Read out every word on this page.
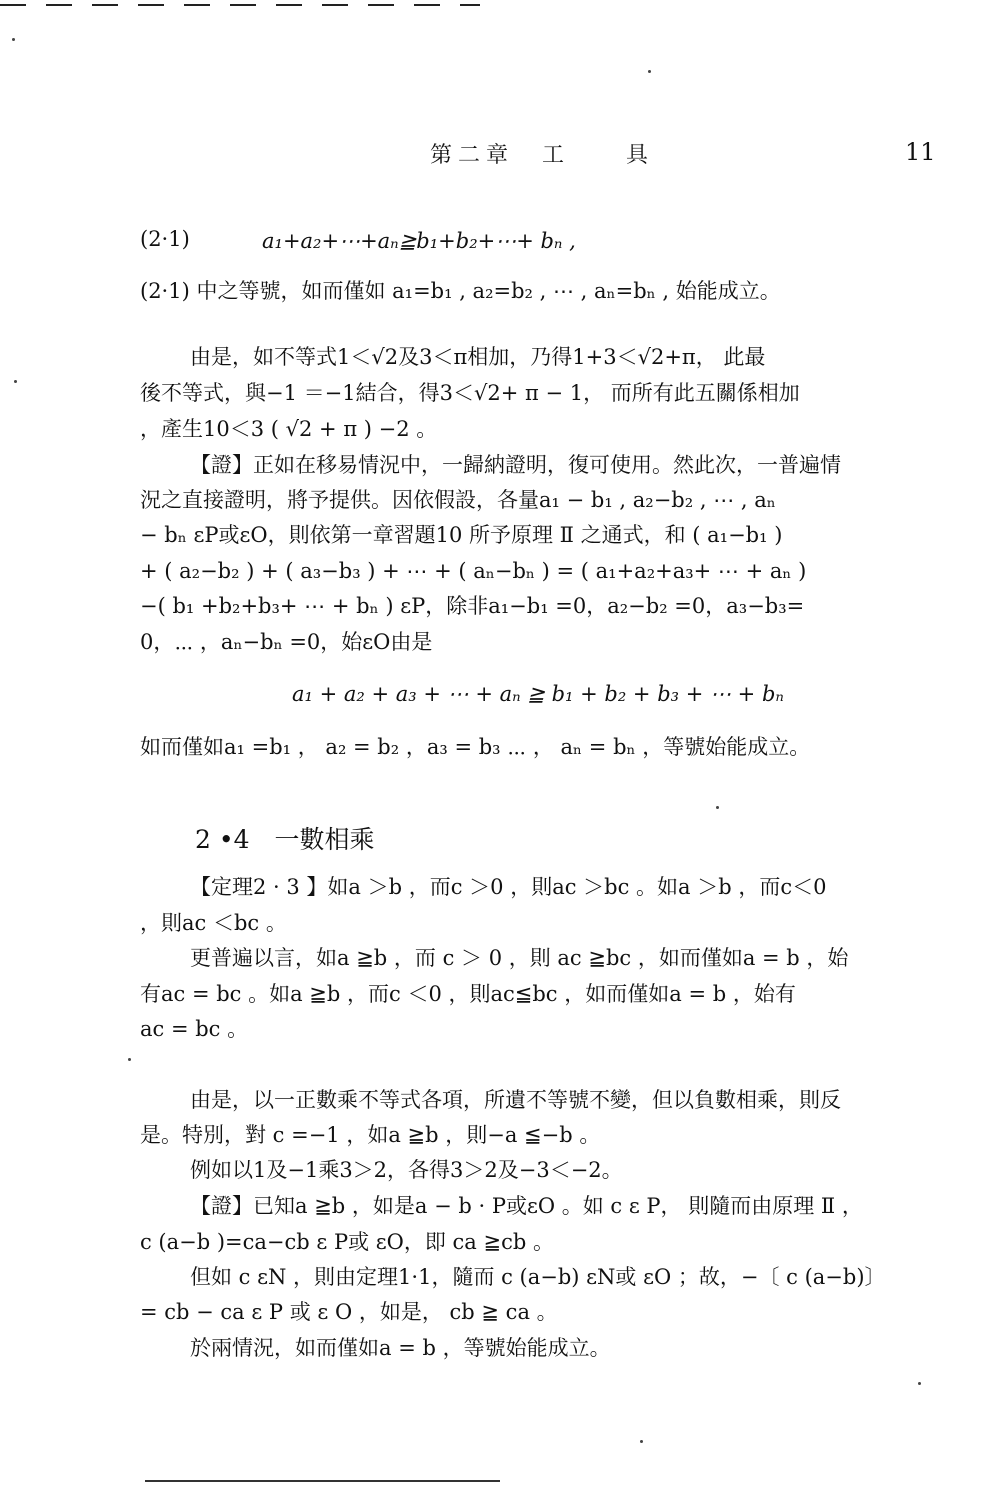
第二章　工　　具	11
(2·1)	a₁+a₂+⋯+aₙ≧b₁+b₂+⋯+ bₙ ,
(2·1) 中之等號，如而僅如 a₁=b₁ , a₂=b₂ , ⋯ , aₙ=bₙ , 始能成立。
由是，如不等式1＜√2及3＜π相加，乃得1+3＜√2+π， 此最
後不等式，與−1 ＝−1結合，得3＜√2+ π − 1， 而所有此五關係相加
，產生10＜3 ( √2 + π ) −2 。
【證】正如在移易情況中，一歸納證明，復可使用。然此次，一普遍情
況之直接證明，將予提供。因依假設，各量a₁ − b₁ , a₂−b₂ , ⋯ , aₙ
− bₙ εP或εO，則依第一章習題10 所予原理 Ⅱ 之通式，和 ( a₁−b₁ )
+ ( a₂−b₂ ) + ( a₃−b₃ ) + ⋯ + ( aₙ−bₙ ) = ( a₁+a₂+a₃+ ⋯ + aₙ )
−( b₁ +b₂+b₃+ ⋯ + bₙ ) εP，除非a₁−b₁ =0，a₂−b₂ =0，a₃−b₃=
0，⋯ ，aₙ−bₙ =0，始εO由是
a₁ + a₂ + a₃ + ⋯ + aₙ ≧ b₁ + b₂ + b₃ + ⋯ + bₙ
如而僅如a₁ =b₁ ， a₂ = b₂ ，a₃ = b₃ ⋯ ， aₙ = bₙ ，等號始能成立。
2 •4　一數相乘
【定理2 · 3 】如a ＞b ，而c ＞0 ，則ac ＞bc 。如a ＞b ，而c＜0
，則ac ＜bc 。
更普遍以言，如a ≧b ，而 c ＞ 0 ，則 ac ≧bc ，如而僅如a = b ，始
有ac = bc 。如a ≧b ，而c ＜0 ，則ac≦bc ，如而僅如a = b ，始有
ac = bc 。
由是，以一正數乘不等式各項，所遺不等號不變，但以負數相乘，則反
是。特別，對 c =−1 ，如a ≧b ，則−a ≦−b 。
例如以1及−1乘3＞2，各得3＞2及−3＜−2。
【證】已知a ≧b ，如是a − b · P或εO 。如 c ε P， 則隨而由原理 Ⅱ ，
c (a−b )=ca−cb ε P或 εO，即 ca ≧cb 。
但如 c εN ，則由定理1·1，隨而 c (a−b) εN或 εO ；故，−〔 c (a−b)〕
= cb − ca ε P 或 ε O ，如是， cb ≧ ca 。
於兩情況，如而僅如a = b ，等號始能成立。
